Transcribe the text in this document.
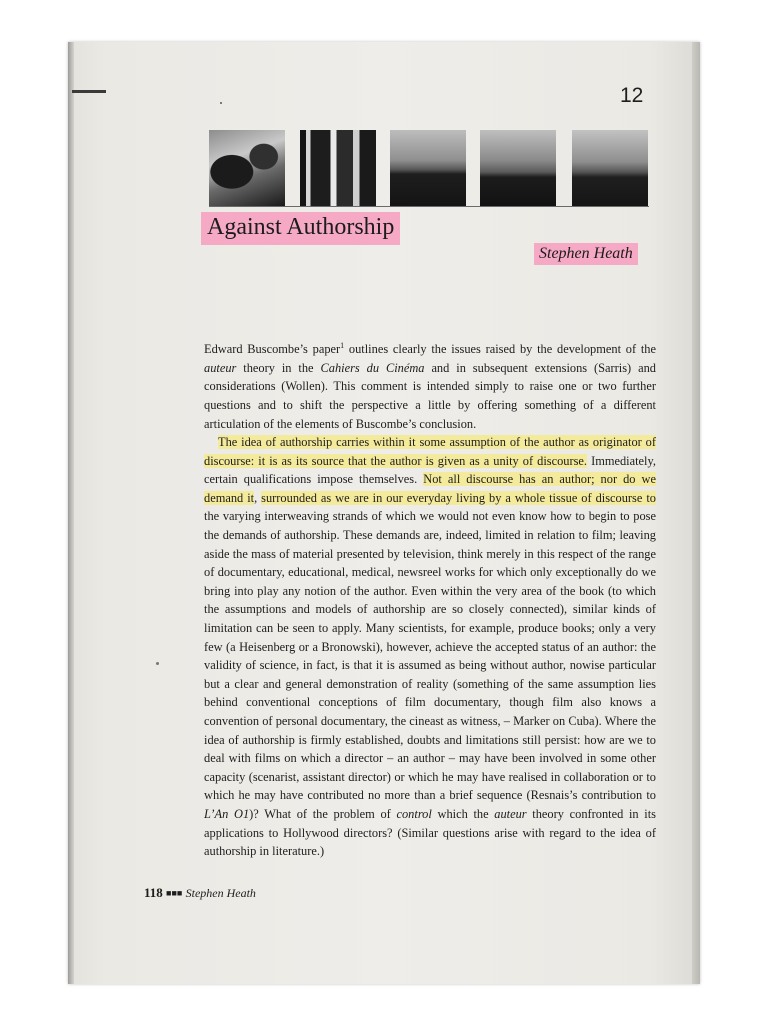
12
Against Authorship
Stephen Heath

Edward Buscombe’s paper$^1$ outlines clearly the issues raised by the development of the auteur theory in the Cahiers du Cinéma and in subsequent extensions (Sarris) and considerations (Wollen). This comment is intended simply to raise one or two further questions and to shift the perspective a little by offering something of a different articulation of the elements of Buscombe’s conclusion.

The idea of authorship carries within it some assumption of the author as originator of discourse: it is as its source that the author is given as a unity of discourse. Immediately, certain qualifications impose themselves. Not all discourse has an author; nor do we demand it, surrounded as we are in our everyday living by a whole tissue of discourse to the varying interweaving strands of which we would not even know how to begin to pose the demands of authorship. These demands are, indeed, limited in relation to film; leaving aside the mass of material presented by television, think merely in this respect of the range of documentary, educational, medical, newsreel works for which only exceptionally do we bring into play any notion of the author. Even within the very area of the book (to which the assumptions and models of authorship are so closely connected), similar kinds of limitation can be seen to apply. Many scientists, for example, produce books; only a very few (a Heisenberg or a Bronowski), however, achieve the accepted status of an author: the validity of science, in fact, is that it is assumed as being without author, nowise particular but a clear and general demonstration of reality (something of the same assumption lies behind conventional conceptions of film documentary, though film also knows a convention of personal documentary, the cineast as witness, – Marker on Cuba). Where the idea of authorship is firmly established, doubts and limitations still persist: how are we to deal with films on which a director – an author – may have been involved in some other capacity (scenarist, assistant director) or which he may have realised in collaboration or to which he may have contributed no more than a brief sequence (Resnais’s contribution to L’An O1)? What of the problem of control which the auteur theory confronted in its applications to Hollywood directors? (Similar questions arise with regard to the idea of authorship in literature.)

118 ■■■ Stephen Heath
